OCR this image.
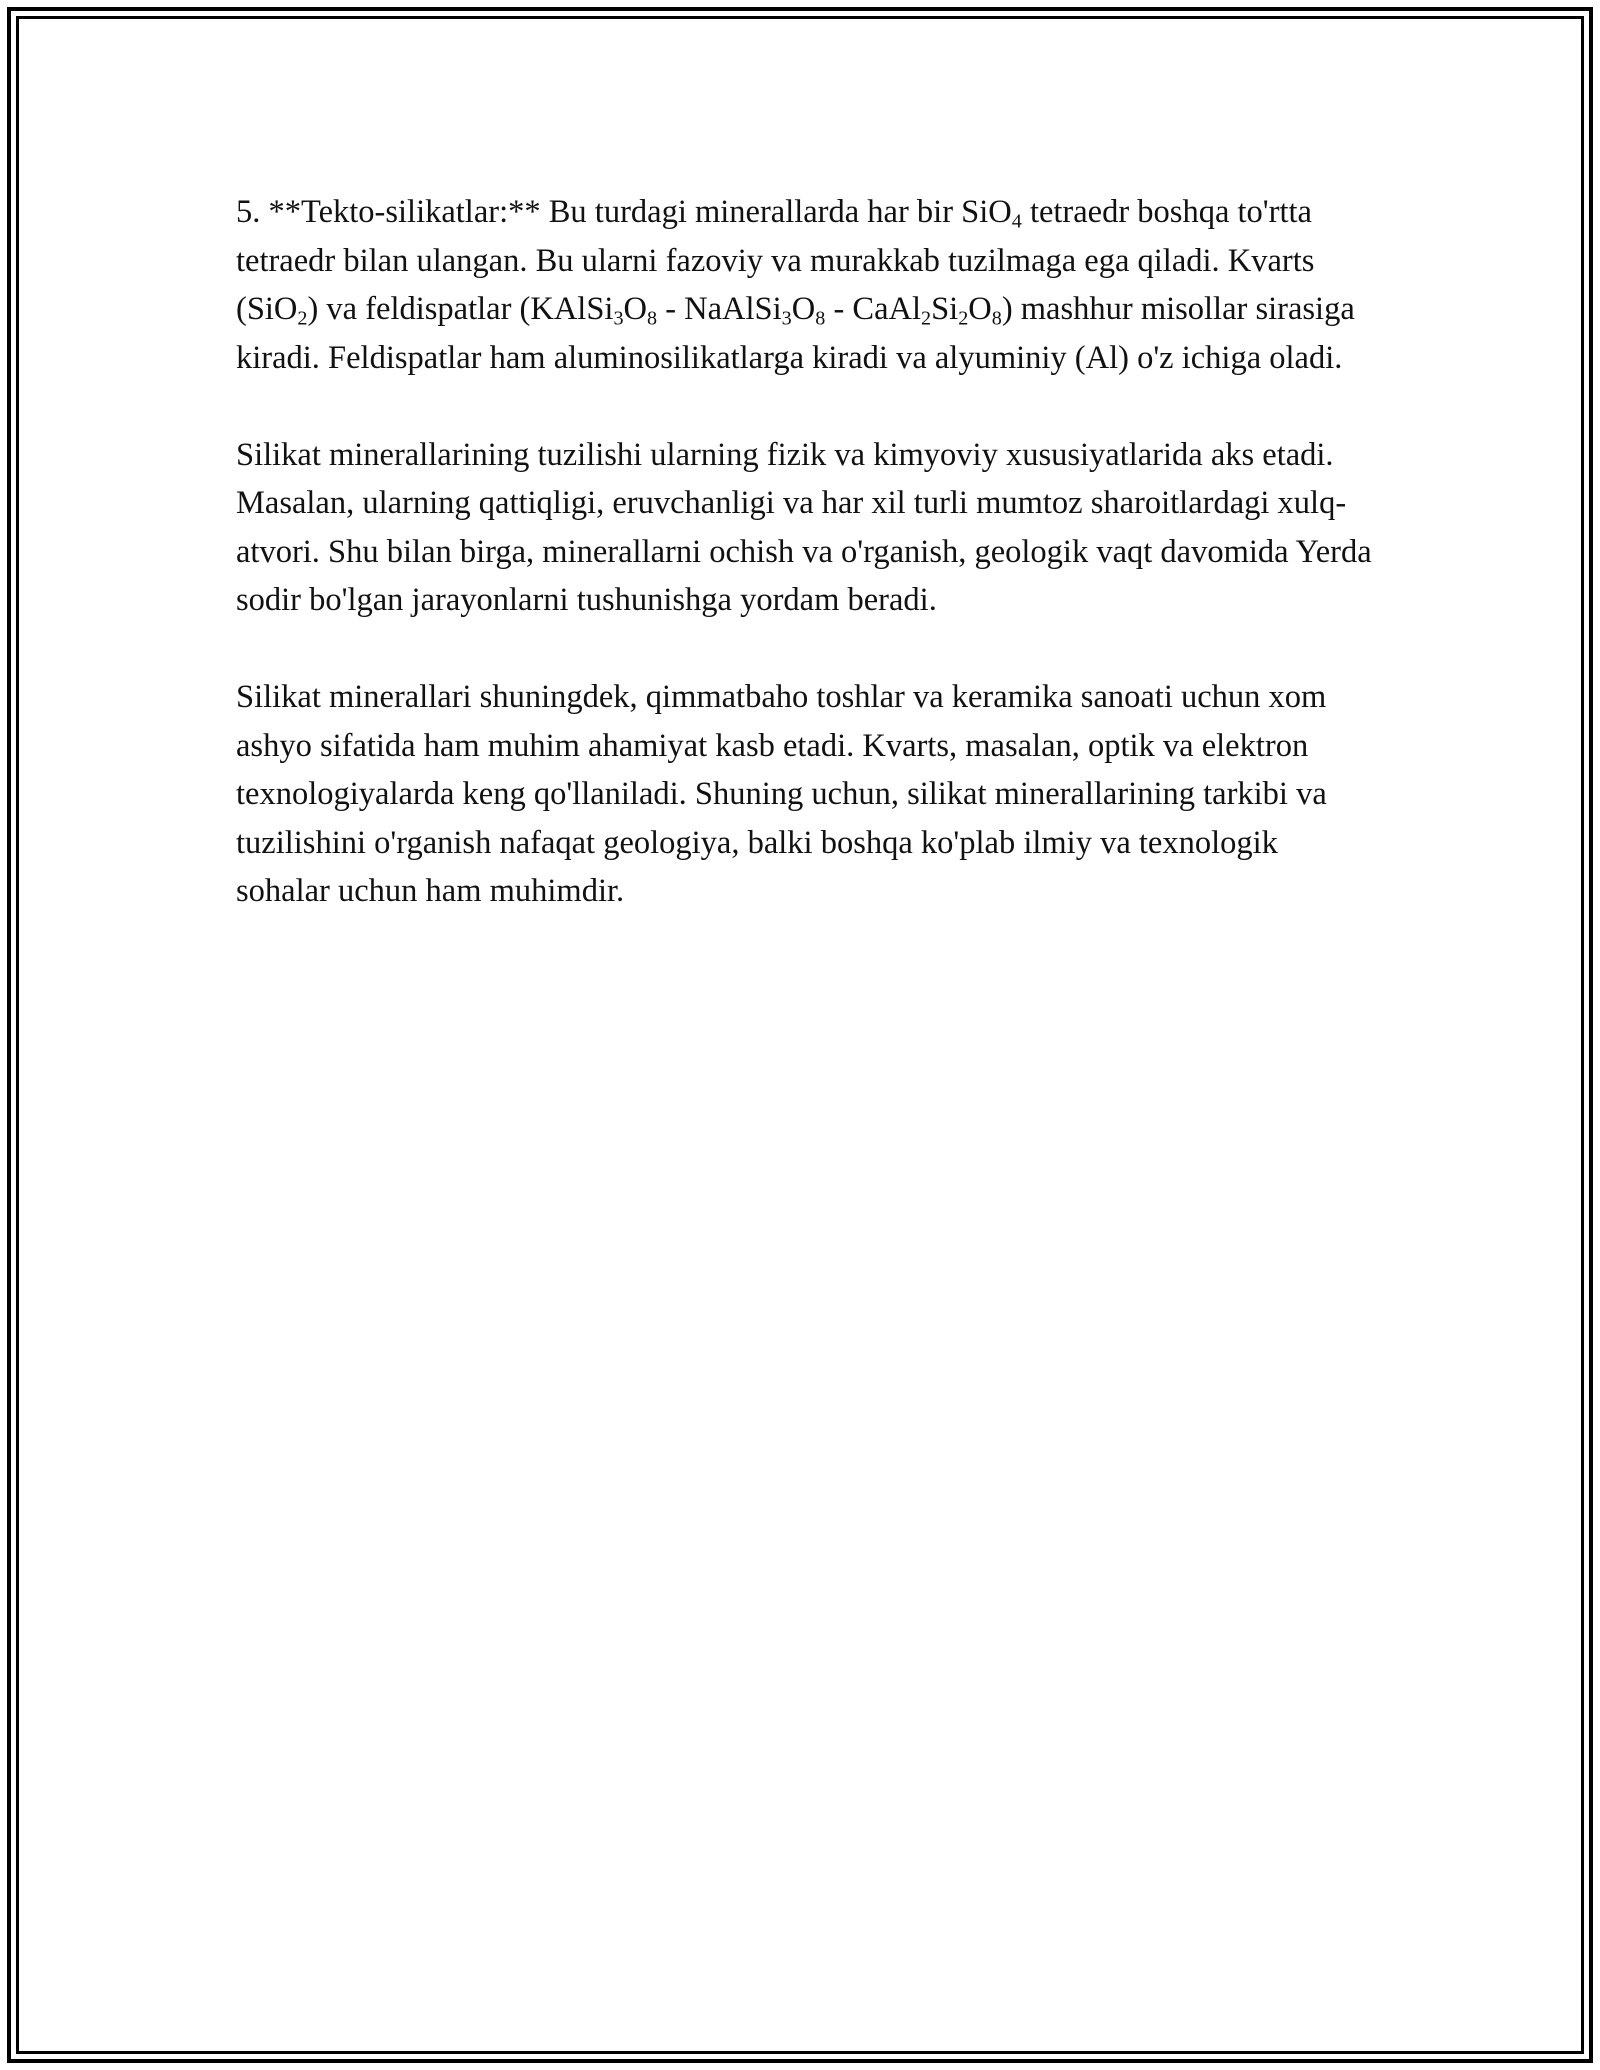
5. **Tekto-silikatlar:** Bu turdagi minerallarda har bir SiO$_4$ tetraedr boshqa to'rtta tetraedr bilan ulangan. Bu ularni fazoviy va murakkab tuzilmaga ega qiladi. Kvarts (SiO$_2$) va feldispatlar ($KAlSi_3O_8$ - $NaAlSi_3O_8$ - $CaAl_2Si_2O_8$) mashhur misollar sirasiga kiradi. Feldispatlar ham aluminosilikatlarga kiradi va alyuminiy (Al) o'z ichiga oladi.

Silikat minerallarining tuzilishi ularning fizik va kimyoviy xususiyatlarida aks etadi. Masalan, ularning qattiqligi, eruvchanligi va har xil turli mumtoz sharoitlardagi xulq-atvori. Shu bilan birga, minerallarni ochish va o'rganish, geologik vaqt davomida Yerda sodir bo'lgan jarayonlarni tushunishga yordam beradi.

Silikat minerallari shuningdek, qimmatbaho toshlar va keramika sanoati uchun xom ashyo sifatida ham muhim ahamiyat kasb etadi. Kvarts, masalan, optik va elektron texnologiyalarda keng qo'llaniladi. Shuning uchun, silikat minerallarining tarkibi va tuzilishini o'rganish nafaqat geologiya, balki boshqa ko'plab ilmiy va texnologik sohalar uchun ham muhimdir.
